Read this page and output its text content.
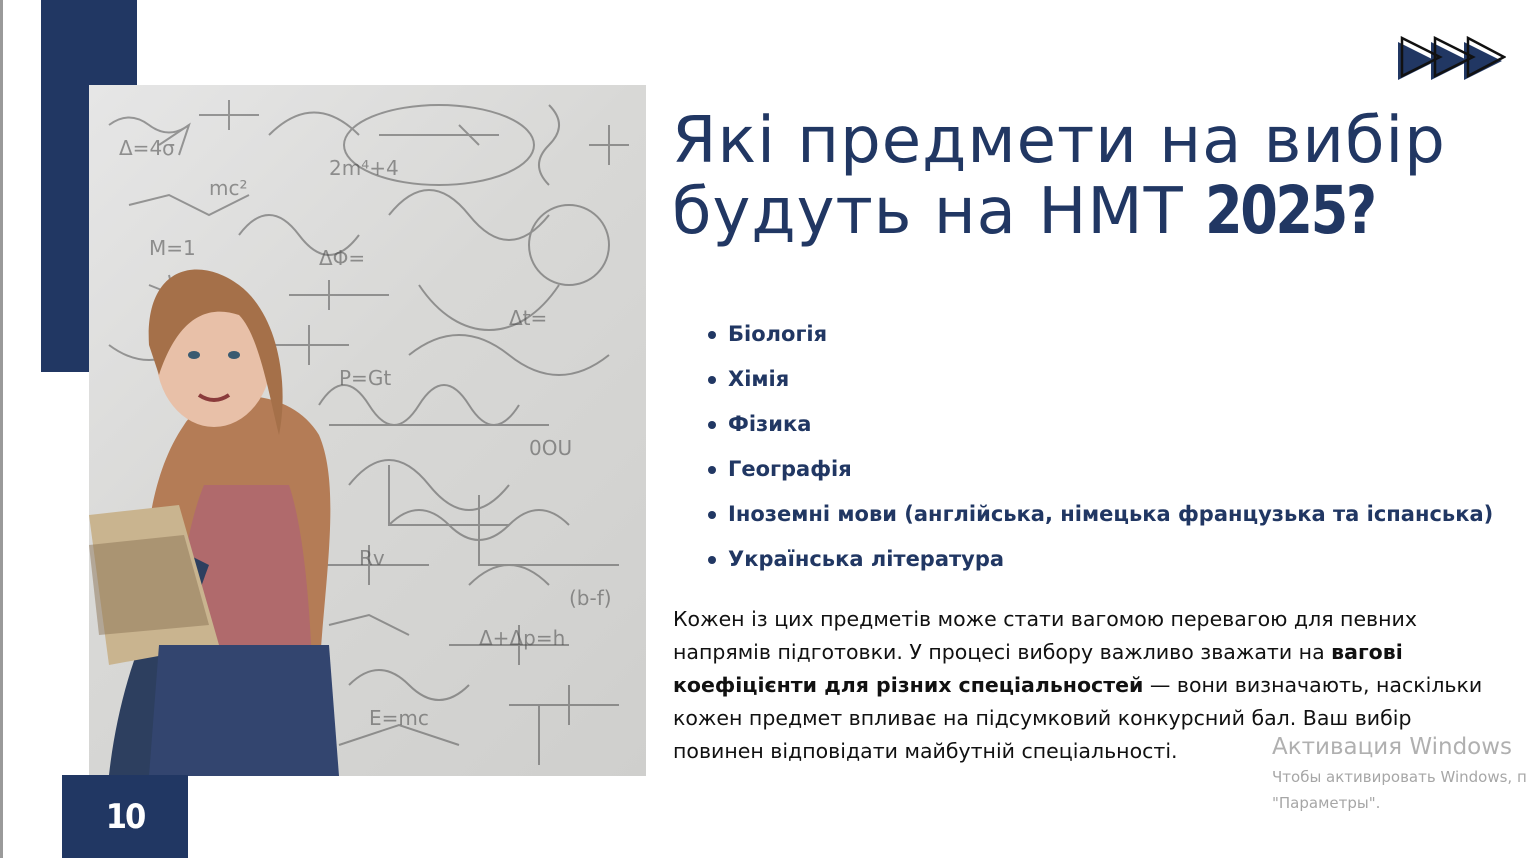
Δ=4σ
mc²
2m⁴+4
M=1	ΔΦ=
Δt=
P=Gt
0OU
Rv
Δ+Δp=h
E=mc
(b-f)
10
Які предмети на вибір
будуть на НМТ 2025?
Біологія
Хімія
Фізика
Географія
Іноземні мови (англійська, німецька французька та іспанська)
Українська література

Кожен із цих предметів може стати вагомою перевагою для певних напрямів підготовки. У процесі вибору важливо зважати на вагові коефіцієнти для різних спеціальностей — вони визначають, наскільки кожен предмет впливає на підсумковий конкурсний бал. Ваш вибір повинен відповідати майбутній спеціальності.	Активация Windows
Чтобы активировать Windows, п
"Параметры".
